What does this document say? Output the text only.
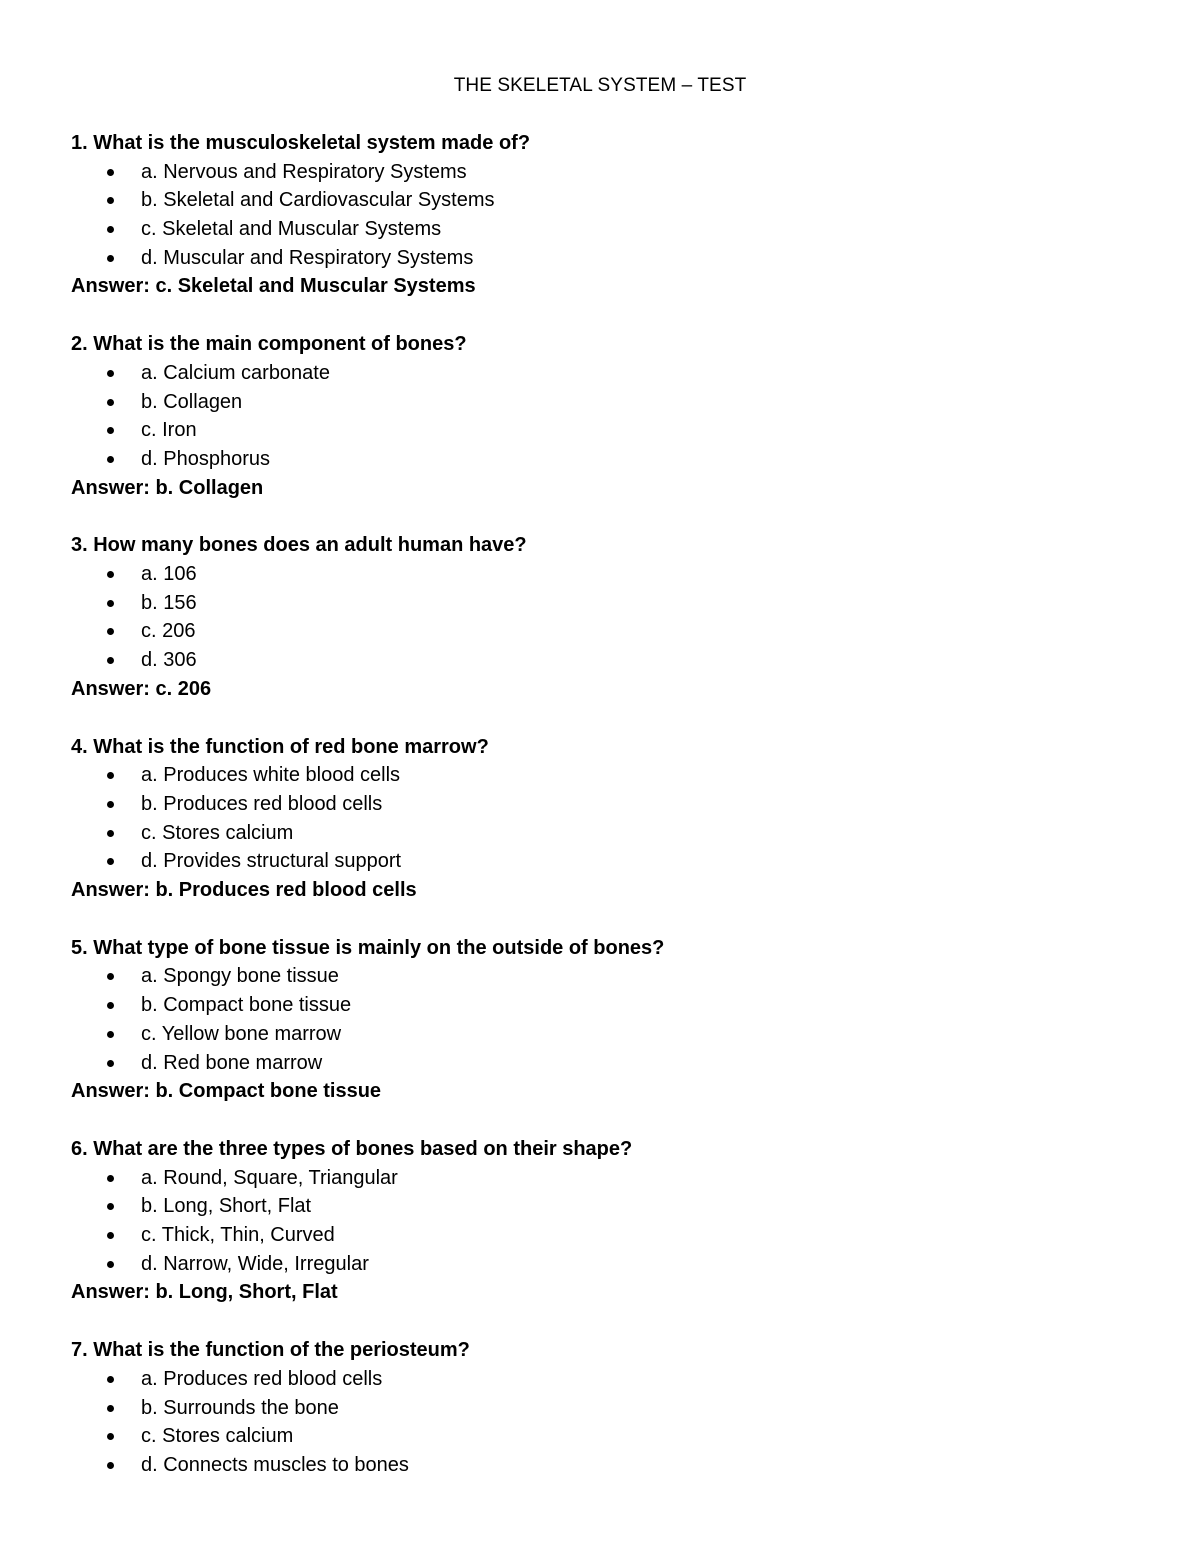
THE SKELETAL SYSTEM – TEST
1. What is the musculoskeletal system made of?
a. Nervous and Respiratory Systems
b. Skeletal and Cardiovascular Systems
c. Skeletal and Muscular Systems
d. Muscular and Respiratory Systems
Answer: c. Skeletal and Muscular Systems
2. What is the main component of bones?
a. Calcium carbonate
b. Collagen
c. Iron
d. Phosphorus
Answer: b. Collagen
3. How many bones does an adult human have?
a. 106
b. 156
c. 206
d. 306
Answer: c. 206
4. What is the function of red bone marrow?
a. Produces white blood cells
b. Produces red blood cells
c. Stores calcium
d. Provides structural support
Answer: b. Produces red blood cells
5. What type of bone tissue is mainly on the outside of bones?
a. Spongy bone tissue
b. Compact bone tissue
c. Yellow bone marrow
d. Red bone marrow
Answer: b. Compact bone tissue
6. What are the three types of bones based on their shape?
a. Round, Square, Triangular
b. Long, Short, Flat
c. Thick, Thin, Curved
d. Narrow, Wide, Irregular
Answer: b. Long, Short, Flat
7. What is the function of the periosteum?
a. Produces red blood cells
b. Surrounds the bone
c. Stores calcium
d. Connects muscles to bones
